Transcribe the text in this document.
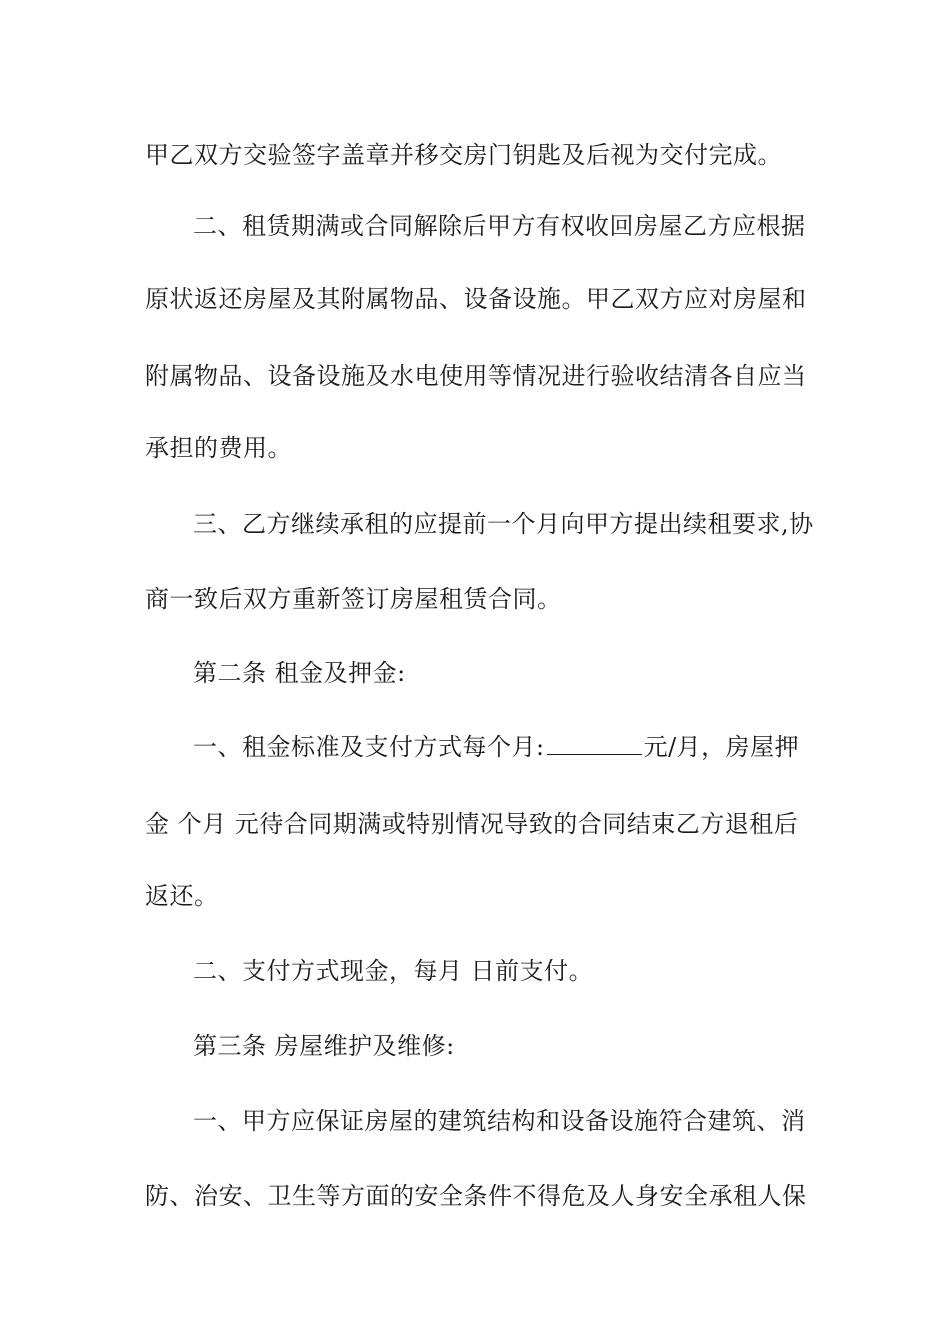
甲乙双方交验签字盖章并移交房门钥匙及后视为交付完成。
二、租赁期满或合同解除后甲方有权收回房屋乙方应根据
原状返还房屋及其附属物品、设备设施。甲乙双方应对房屋和
附属物品、设备设施及水电使用等情况进行验收结清各自应当
承担的费用。
三、乙方继续承租的应提前一个月向甲方提出续租要求,协
商一致后双方重新签订房屋租赁合同。
第二条 租金及押金:
一、租金标准及支付方式每个月:	元/月，房屋押
金 个月 元待合同期满或特别情况导致的合同结束乙方退租后
返还。
二、支付方式现金，每月 日前支付。
第三条 房屋维护及维修:
一、甲方应保证房屋的建筑结构和设备设施符合建筑、消
防、治安、卫生等方面的安全条件不得危及人身安全承租人保
